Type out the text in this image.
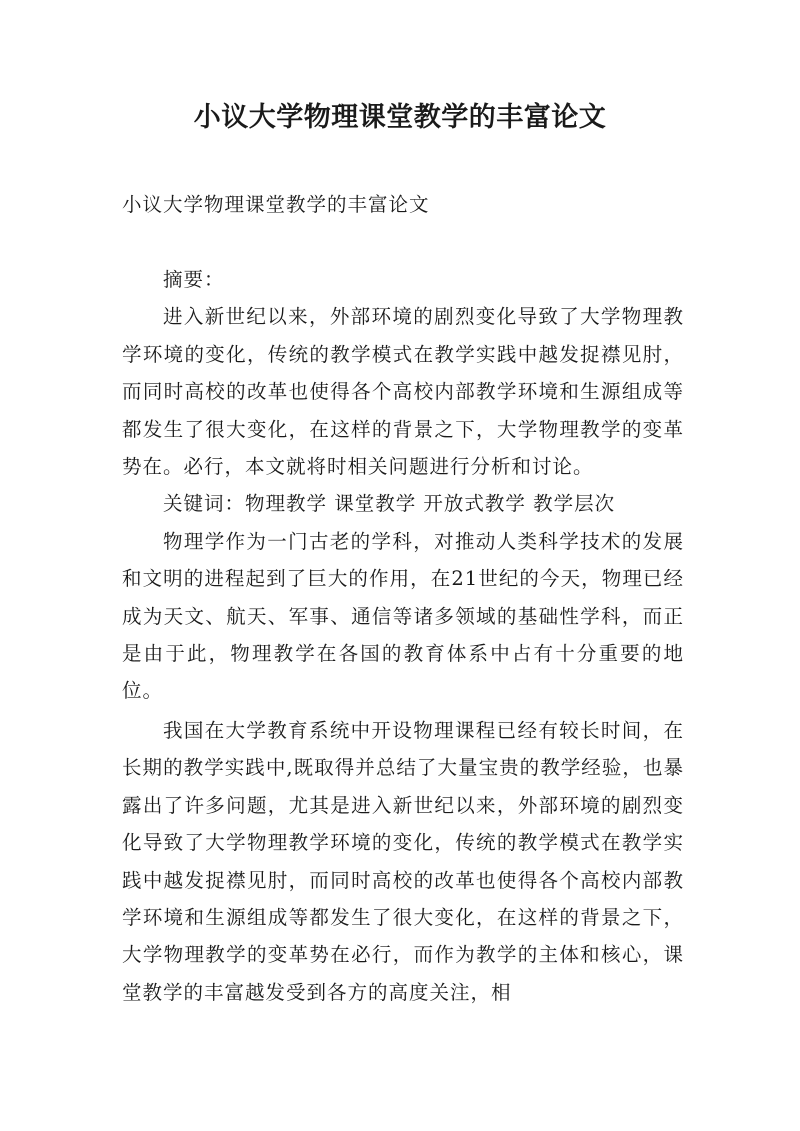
小议大学物理课堂教学的丰富论文
小议大学物理课堂教学的丰富论文

摘要：

进入新世纪以来，外部环境的剧烈变化导致了大学物理教学环境的变化，传统的教学模式在教学实践中越发捉襟见肘，而同时高校的改革也使得各个高校内部教学环境和生源组成等都发生了很大变化，在这样的背景之下，大学物理教学的变革势在。必行，本文就将时相关问题进行分析和讨论。

关键词：物理教学 课堂教学 开放式教学 教学层次

物理学作为一门古老的学科，对推动人类科学技术的发展和文明的进程起到了巨大的作用，在21世纪的今天，物理已经成为天文、航天、军事、通信等诸多领域的基础性学科，而正是由于此，物理教学在各国的教育体系中占有十分重要的地位。

我国在大学教育系统中开设物理课程已经有较长时间，在长期的教学实践中,既取得并总结了大量宝贵的教学经验，也暴露出了许多问题，尤其是进入新世纪以来，外部环境的剧烈变化导致了大学物理教学环境的变化，传统的教学模式在教学实践中越发捉襟见肘，而同时高校的改革也使得各个高校内部教学环境和生源组成等都发生了很大变化，在这样的背景之下，大学物理教学的变革势在必行，而作为教学的主体和核心，课堂教学的丰富越发受到各方的高度关注，相
